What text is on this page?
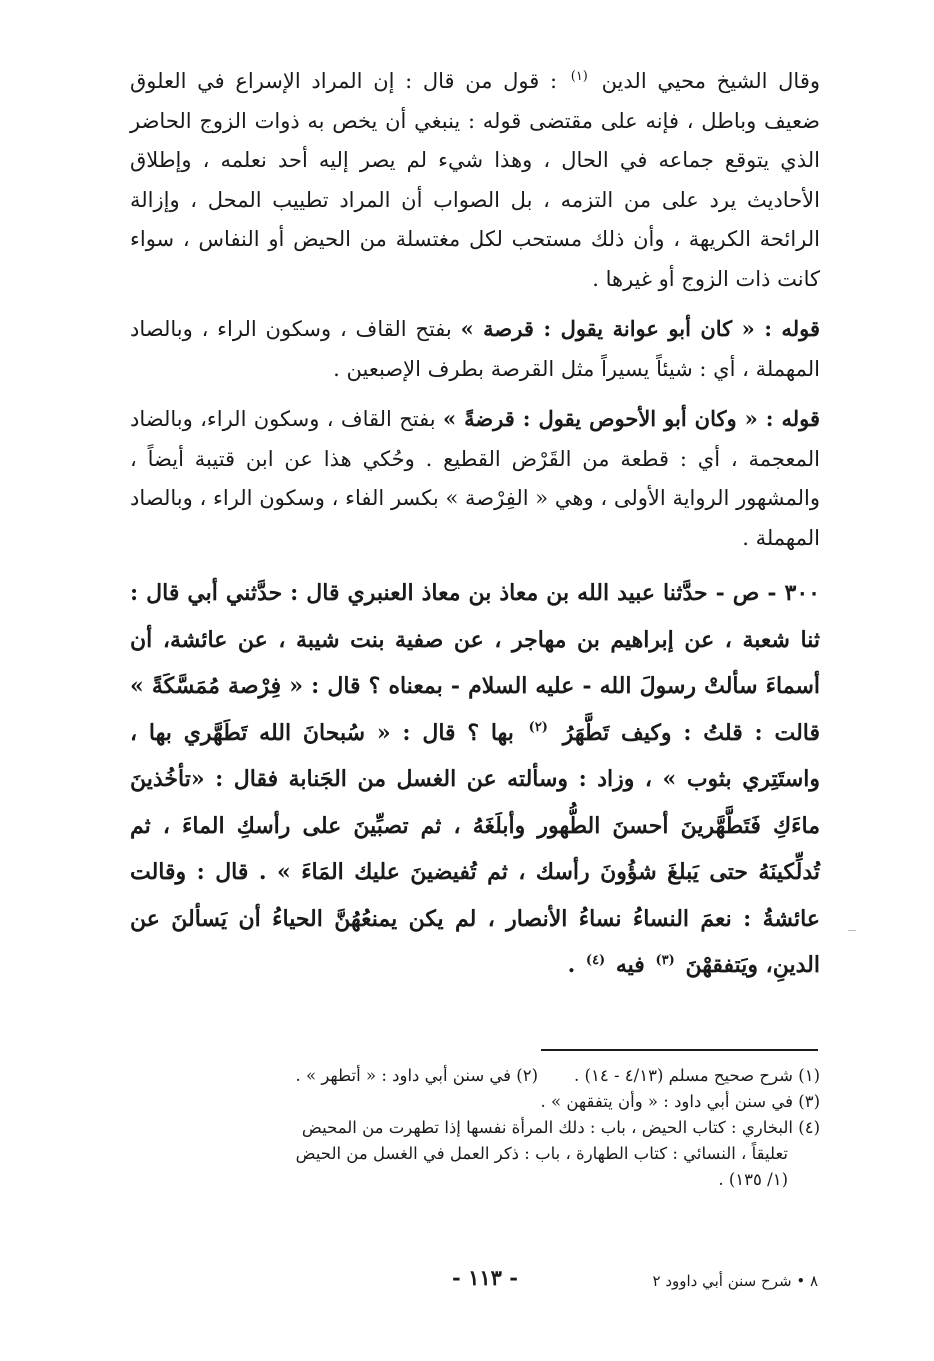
وقال الشيخ محيي الدين $^{(١)}$ : قول من قال : إن المراد الإسراع في العلوق ضعيف وباطل ، فإنه على مقتضى قوله : ينبغي أن يخص به ذوات الزوج الحاضر الذي يتوقع جماعه في الحال ، وهذا شيء لم يصر إليه أحد نعلمه ، وإطلاق الأحاديث يرد على من التزمه ، بل الصواب أن المراد تطييب المحل ، وإزالة الرائحة الكريهة ، وأن ذلك مستحب لكل مغتسلة من الحيض أو النفاس ، سواء كانت ذات الزوج أو غيرها .

قوله : « كان أبو عوانة يقول : قرصة » بفتح القاف ، وسكون الراء ، وبالصاد المهملة ، أي : شيئاً يسيراً مثل القرصة بطرف الإصبعين .

قوله : « وكان أبو الأحوص يقول : قرضةً » بفتح القاف ، وسكون الراء، وبالضاد المعجمة ، أي : قطعة من القَرْض القطيع . وحُكي هذا عن ابن قتيبة أيضاً ، والمشهور الرواية الأولى ، وهي « الفِرْصة » بكسر الفاء ، وسكون الراء ، وبالصاد المهملة .

٣٠٠ - ص - حدَّثنا عبيد الله بن معاذ بن معاذ العنبري قال : حدَّثني أبي قال : ثنا شعبة ، عن إبراهيم بن مهاجر ، عن صفية بنت شيبة ، عن عائشة، أن أسماءَ سألتْ رسولَ الله - عليه السلام - بمعناه ؟ قال : « فِرْصة مُمَسَّكَةً » قالت : قلتُ : وكيف تَطَّهَرُ $^{(٢)}$ بها ؟ قال : « سُبحانَ الله تَطَهَّري بها ، واستَتِري بثوب » ، وزاد : وسألته عن الغسل من الجَنابة فقال : «تأخُذينَ ماءَكِ فَتَطَّهَّرينَ أحسنَ الطُّهور وأبلَغَهُ ، ثم تصبِّينَ على رأسكِ الماءَ ، ثم تُدلِّكينَهُ حتى يَبلغَ شؤُونَ رأسك ، ثم تُفيضينَ عليك المَاءَ » . قال : وقالت عائشةُ : نعمَ النساءُ نساءُ الأنصار ، لم يكن يمنعُهُنَّ الحياءُ أن يَسألنَ عن الدينِ، ويَتفقهْنَ $^{(٣)}$ فيه $^{(٤)}$ .

(١) شرح صحيح مسلم (٤/١٣ - ١٤) .(٢) في سنن أبي داود : « أتطهر » .

(٣) في سنن أبي داود : « وأن يتفقهن » .

(٤) البخاري : كتاب الحيض ، باب : دلك المرأة نفسها إذا تطهرت من المحيض

تعليقاً ، النسائي : كتاب الطهارة ، باب : ذكر العمل في الغسل من الحيض

(١/ ١٣٥) .

- ١١٣ -	٨ • شرح سنن أبي داوود ٢
